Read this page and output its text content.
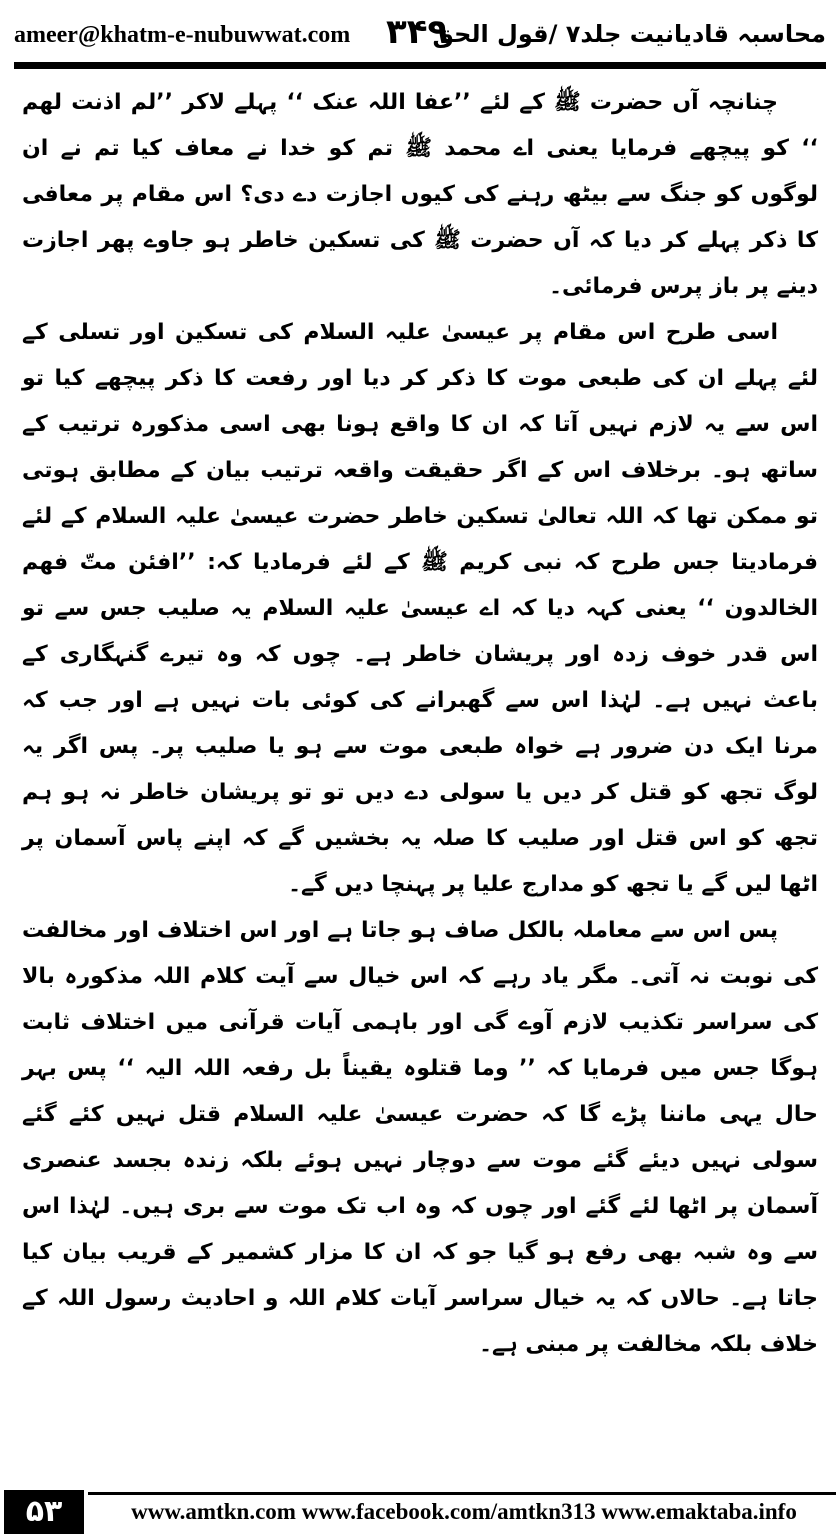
ameer@khatm-e-nubuwwat.com ۳۴۹
محاسبہ قادیانیت جلد۷ /قول الحق

چنانچہ آں حضرت ﷺ کے لئے ’’عفا اللہ عنک ‘‘ پہلے لاکر ’’لم اذنت لھم ‘‘ کو پیچھے فرمایا یعنی اے محمد ﷺ تم کو خدا نے معاف کیا تم نے ان لوگوں کو جنگ سے بیٹھ رہنے کی کیوں اجازت دے دی؟ اس مقام پر معافی کا ذکر پہلے کر دیا کہ آں حضرت ﷺ کی تسکین خاطر ہو جاوے پھر اجازت دینے پر باز پرس فرمائی۔

اسی طرح اس مقام پر عیسیٰ علیہ السلام کی تسکین اور تسلی کے لئے پہلے ان کی طبعی موت کا ذکر کر دیا اور رفعت کا ذکر پیچھے کیا تو اس سے یہ لازم نہیں آتا کہ ان کا واقع ہونا بھی اسی مذکورہ ترتیب کے ساتھ ہو۔ برخلاف اس کے اگر حقیقت واقعہ ترتیب بیان کے مطابق ہوتی تو ممکن تھا کہ اللہ تعالیٰ تسکین خاطر حضرت عیسیٰ علیہ السلام کے لئے فرمادیتا جس طرح کہ نبی کریم ﷺ کے لئے فرمادیا کہ: ’’افئن متّ فھم الخالدون ‘‘ یعنی کہہ دیا کہ اے عیسیٰ علیہ السلام یہ صلیب جس سے تو اس قدر خوف زدہ اور پریشان خاطر ہے۔ چوں کہ وہ تیرے گنہگاری کے باعث نہیں ہے۔ لہٰذا اس سے گھبرانے کی کوئی بات نہیں ہے اور جب کہ مرنا ایک دن ضرور ہے خواہ طبعی موت سے ہو یا صلیب پر۔ پس اگر یہ لوگ تجھ کو قتل کر دیں یا سولی دے دیں تو تو پریشان خاطر نہ ہو ہم تجھ کو اس قتل اور صلیب کا صلہ یہ بخشیں گے کہ اپنے پاس آسمان پر اٹھا لیں گے یا تجھ کو مدارج علیا پر پہنچا دیں گے۔

پس اس سے معاملہ بالکل صاف ہو جاتا ہے اور اس اختلاف اور مخالفت کی نوبت نہ آتی۔ مگر یاد رہے کہ اس خیال سے آیت کلام اللہ مذکورہ بالا کی سراسر تکذیب لازم آوے گی اور باہمی آیات قرآنی میں اختلاف ثابت ہوگا جس میں فرمایا کہ ’’ وما قتلوہ یقیناً بل رفعہ اللہ الیہ ‘‘ پس بہر حال یہی ماننا پڑے گا کہ حضرت عیسیٰ علیہ السلام قتل نہیں کئے گئے سولی نہیں دیئے گئے موت سے دوچار نہیں ہوئے بلکہ زندہ بجسد عنصری آسمان پر اٹھا لئے گئے اور چوں کہ وہ اب تک موت سے بری ہیں۔ لہٰذا اس سے وہ شبہ بھی رفع ہو گیا جو کہ ان کا مزار کشمیر کے قریب بیان کیا جاتا ہے۔ حالاں کہ یہ خیال سراسر آیات کلام اللہ و احادیث رسول اللہ کے خلاف بلکہ مخالفت پر مبنی ہے۔

۵۳	www.amtkn.com www.facebook.com/amtkn313 www.emaktaba.info
